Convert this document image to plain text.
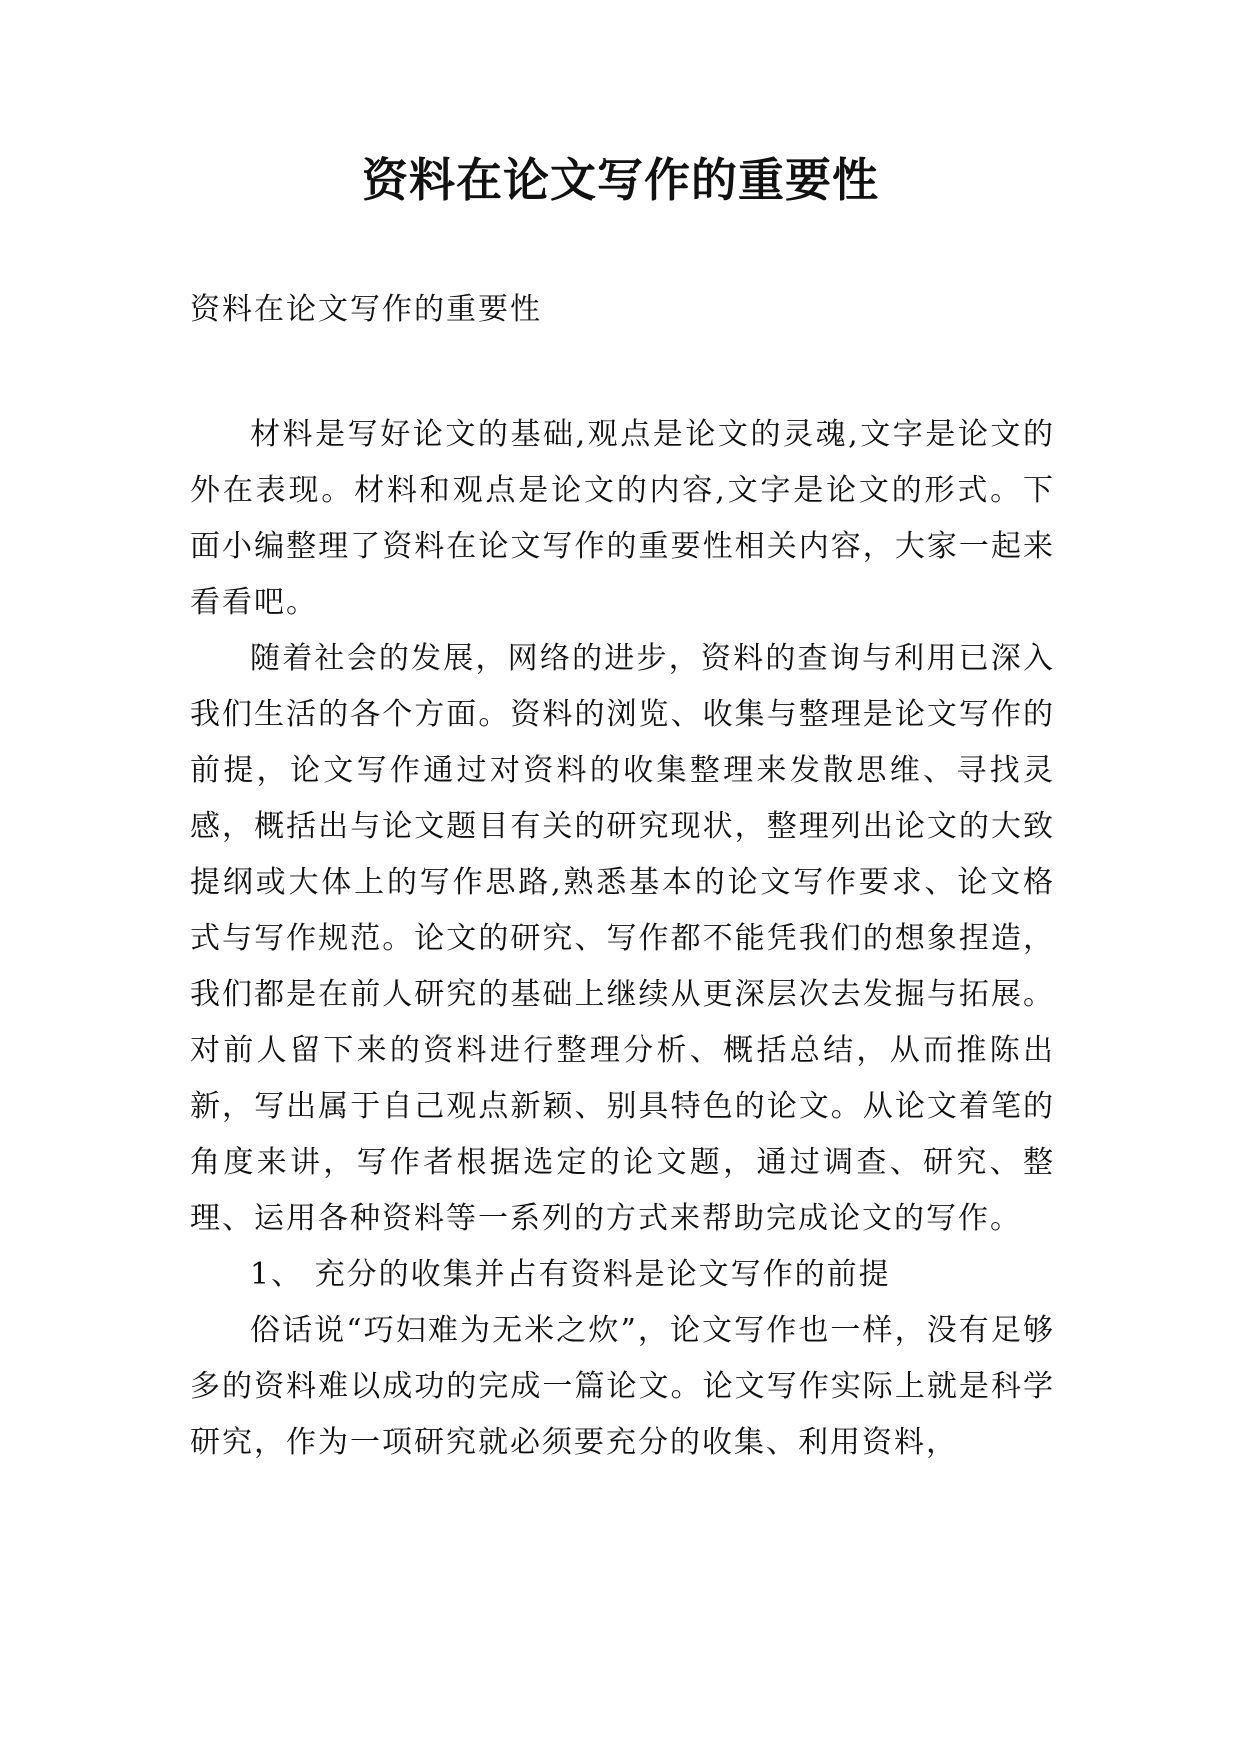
资料在论文写作的重要性

资料在论文写作的重要性

材料是写好论文的基础,观点是论文的灵魂,文字是论文的外在表现。材料和观点是论文的内容,文字是论文的形式。下面小编整理了资料在论文写作的重要性相关内容，大家一起来看看吧。

随着社会的发展，网络的进步，资料的查询与利用已深入我们生活的各个方面。资料的浏览、收集与整理是论文写作的前提，论文写作通过对资料的收集整理来发散思维、寻找灵感，概括出与论文题目有关的研究现状，整理列出论文的大致提纲或大体上的写作思路,熟悉基本的论文写作要求、论文格式与写作规范。论文的研究、写作都不能凭我们的想象捏造，我们都是在前人研究的基础上继续从更深层次去发掘与拓展。对前人留下来的资料进行整理分析、概括总结，从而推陈出新，写出属于自己观点新颖、别具特色的论文。从论文着笔的角度来讲，写作者根据选定的论文题，通过调查、研究、整理、运用各种资料等一系列的方式来帮助完成论文的写作。

1、 充分的收集并占有资料是论文写作的前提

俗话说“巧妇难为无米之炊”，论文写作也一样，没有足够多的资料难以成功的完成一篇论文。论文写作实际上就是科学研究，作为一项研究就必须要充分的收集、利用资料，
